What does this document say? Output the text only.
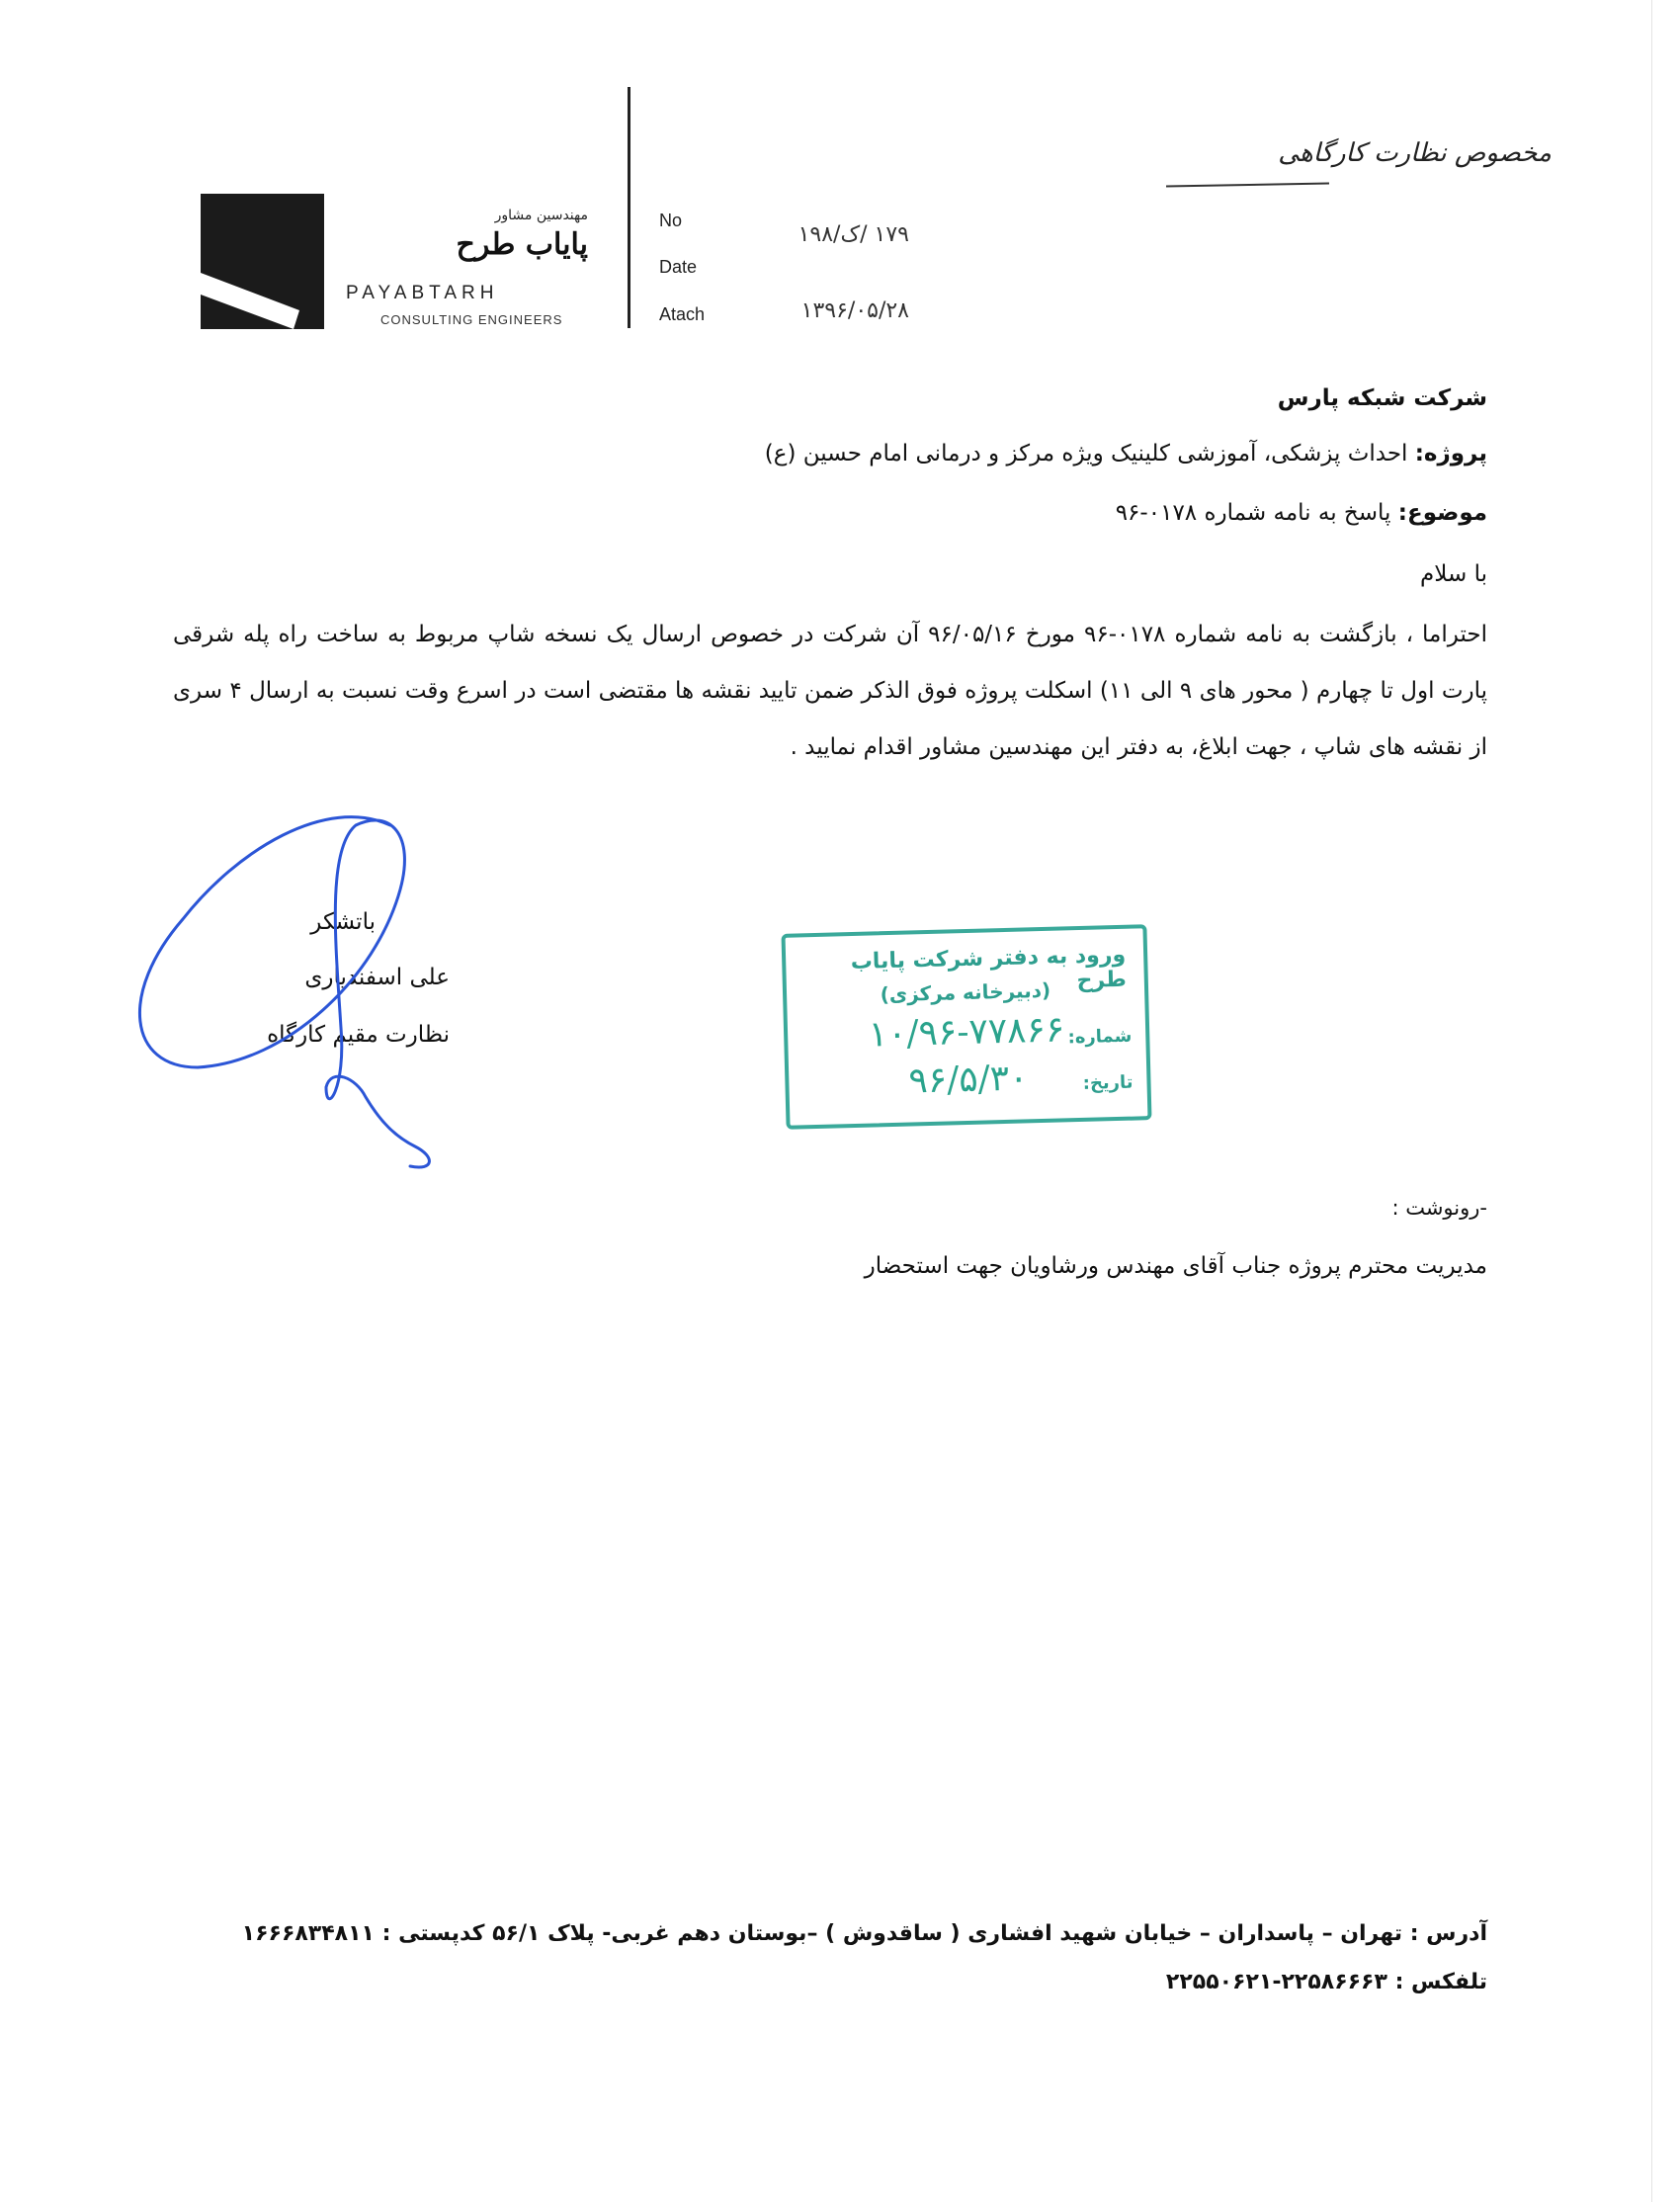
مخصوص نظارت کارگاهی
مهندسین مشاور
پایاب طرح
PAYABTARH
CONSULTING ENGINEERS
No
Date
Atach
۱۷۹ /ک/۱۹۸
۱۳۹۶/۰۵/۲۸
شرکت شبکه پارس
پروژه: احداث پزشکی، آموزشی کلینیک ویژه مرکز و درمانی امام حسین (ع)
موضوع: پاسخ به نامه شماره ۰۱۷۸-۹۶
با سلام
احتراما ، بازگشت به نامه شماره ۰۱۷۸-۹۶ مورخ ۹۶/۰۵/۱۶ آن شرکت در خصوص ارسال یک نسخه شاپ مربوط به ساخت راه پله شرقی پارت اول تا چهارم ( محور های ۹ الی ۱۱) اسکلت پروژه فوق الذکر ضمن تایید نقشه ها مقتضی است در اسرع وقت نسبت به ارسال ۴ سری از نقشه های شاپ ، جهت ابلاغ، به دفتر این مهندسین مشاور اقدام نمایید .
باتشکر
علی اسفندیاری
نظارت مقیم کارگاه
ورود به دفتر شرکت پایاب طرح
(دبیرخانه مرکزی)
شماره:
۱۰/۹۶-۷۷۸۶۶
تاریخ:
۹۶/۵/۳۰
-رونوشت :
مدیریت محترم پروژه جناب آقای مهندس ورشاویان جهت استحضار
آدرس : تهران – پاسداران – خیابان شهید افشاری ( ساقدوش ) –بوستان دهم غربی- پلاک ۵۶/۱ کدپستی : ۱۶۶۶۸۳۴۸۱۱
تلفکس : ۲۲۵۸۶۶۶۳-۲۲۵۵۰۶۲۱
